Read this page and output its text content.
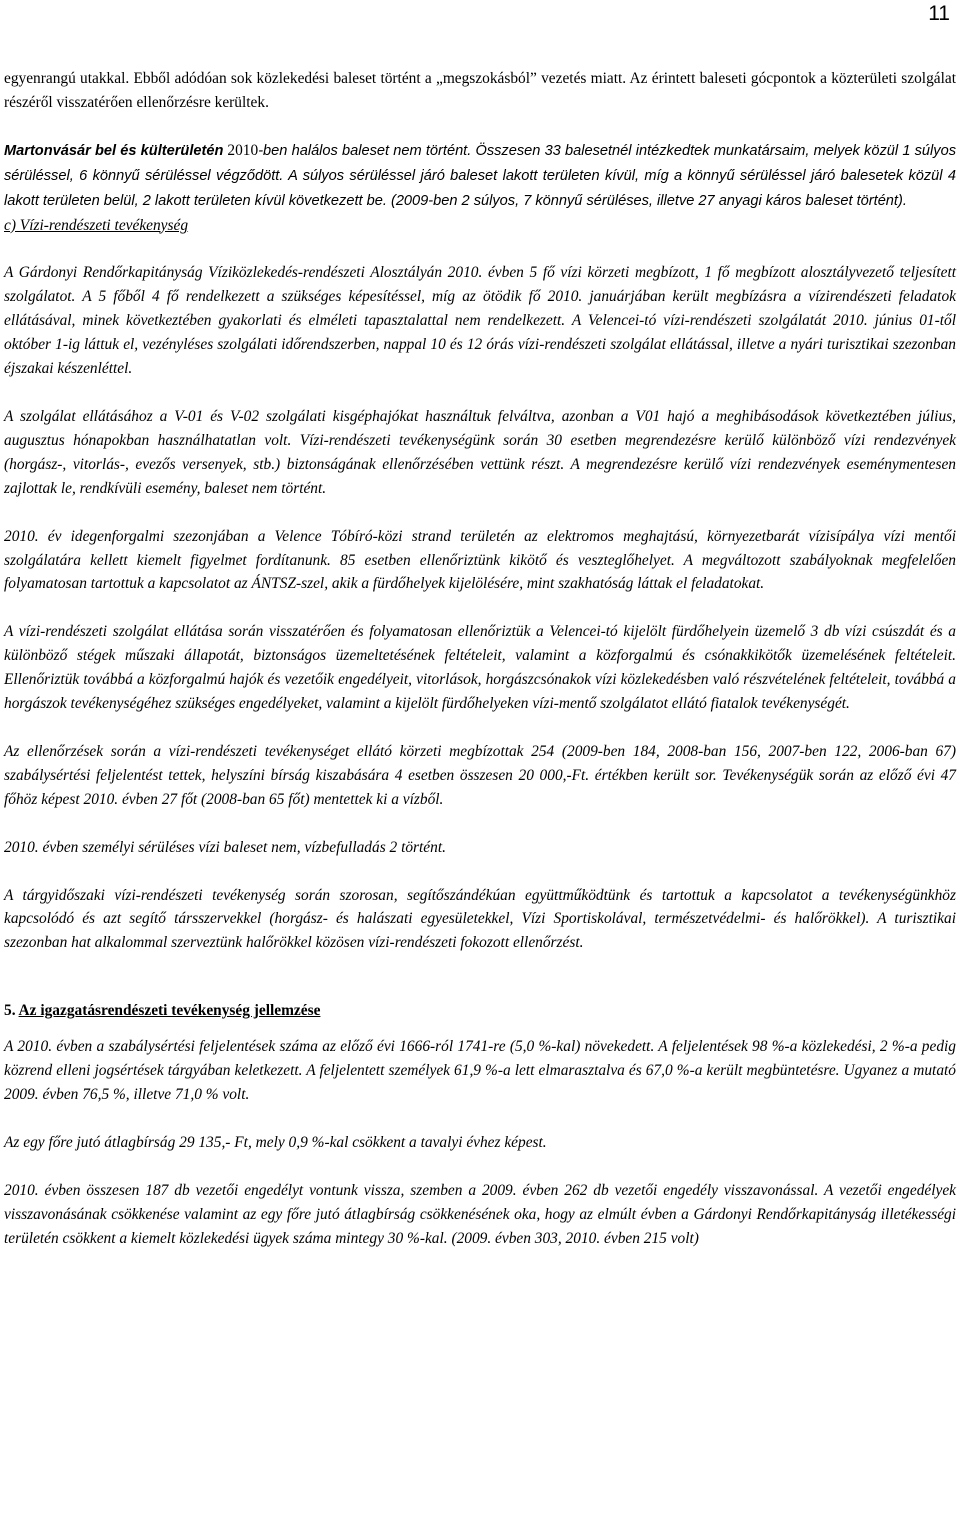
11

egyenrangú utakkal. Ebből adódóan sok közlekedési baleset történt a „megszokásból” vezetés miatt. Az érintett baleseti gócpontok a közterületi szolgálat részéről visszatérően ellenőrzésre kerültek.

Martonvásár bel és külterületén 2010-ben halálos baleset nem történt. Összesen 33 balesetnél intézkedtek munkatársaim, melyek közül 1 súlyos sérüléssel, 6 könnyű sérüléssel végződött. A súlyos sérüléssel járó baleset lakott területen kívül, míg a könnyű sérüléssel járó balesetek közül 4 lakott területen belül, 2 lakott területen kívül következett be. (2009-ben 2 súlyos, 7 könnyű sérüléses, illetve 27 anyagi káros baleset történt).

c) Vízi-rendészeti tevékenység

A Gárdonyi Rendőrkapitányság Víziközlekedés-rendészeti Alosztályán 2010. évben 5 fő vízi körzeti megbízott, 1 fő megbízott alosztályvezető teljesített szolgálatot. A 5 főből 4 fő rendelkezett a szükséges képesítéssel, míg az ötödik fő 2010. januárjában került megbízásra a vízirendészeti feladatok ellátásával, minek következtében gyakorlati és elméleti tapasztalattal nem rendelkezett. A Velencei-tó vízi-rendészeti szolgálatát 2010. június 01-től október 1-ig láttuk el, vezényléses szolgálati időrendszerben, nappal 10 és 12 órás vízi-rendészeti szolgálat ellátással, illetve a nyári turisztikai szezonban éjszakai készenléttel.

A szolgálat ellátásához a V-01 és V-02 szolgálati kisgéphajókat használtuk felváltva, azonban a V01 hajó a meghibásodások következtében július, augusztus hónapokban használhatatlan volt. Vízi-rendészeti tevékenységünk során 30 esetben megrendezésre kerülő különböző vízi rendezvények (horgász-, vitorlás-, evezős versenyek, stb.) biztonságának ellenőrzésében vettünk részt. A megrendezésre kerülő vízi rendezvények eseménymentesen zajlottak le, rendkívüli esemény, baleset nem történt.

2010. év idegenforgalmi szezonjában a Velence Tóbíró-közi strand területén az elektromos meghajtású, környezetbarát vízisípálya vízi mentői szolgálatára kellett kiemelt figyelmet fordítanunk. 85 esetben ellenőriztünk kikötő és veszteglőhelyet. A megváltozott szabályoknak megfelelően folyamatosan tartottuk a kapcsolatot az ÁNTSZ-szel, akik a fürdőhelyek kijelölésére, mint szakhatóság láttak el feladatokat.

A vízi-rendészeti szolgálat ellátása során visszatérően és folyamatosan ellenőriztük a Velencei-tó kijelölt fürdőhelyein üzemelő 3 db vízi csúszdát és a különböző stégek műszaki állapotát, biztonságos üzemeltetésének feltételeit, valamint a közforgalmú és csónakkikötők üzemelésének feltételeit. Ellenőriztük továbbá a közforgalmú hajók és vezetőik engedélyeit, vitorlások, horgászcsónakok vízi közlekedésben való részvételének feltételeit, továbbá a horgászok tevékenységéhez szükséges engedélyeket, valamint a kijelölt fürdőhelyeken vízi-mentő szolgálatot ellátó fiatalok tevékenységét.

Az ellenőrzések során a vízi-rendészeti tevékenységet ellátó körzeti megbízottak 254 (2009-ben 184, 2008-ban 156, 2007-ben 122, 2006-ban 67) szabálysértési feljelentést tettek, helyszíni bírság kiszabására 4 esetben összesen 20 000,-Ft. értékben került sor. Tevékenységük során az előző évi 47 főhöz képest 2010. évben 27 főt (2008-ban 65 főt) mentettek ki a vízből.

2010. évben személyi sérüléses vízi baleset nem, vízbefulladás 2 történt.

A tárgyidőszaki vízi-rendészeti tevékenység során szorosan, segítőszándékúan együttműködtünk és tartottuk a kapcsolatot a tevékenységünkhöz kapcsolódó és azt segítő társszervekkel (horgász- és halászati egyesületekkel, Vízi Sportiskolával, természetvédelmi- és halőrökkel). A turisztikai szezonban hat alkalommal szerveztünk halőrökkel közösen vízi-rendészeti fokozott ellenőrzést.

5. Az igazgatásrendészeti tevékenység jellemzése

A 2010. évben a szabálysértési feljelentések száma az előző évi 1666-ról 1741-re (5,0 %-kal) növekedett. A feljelentések 98 %-a közlekedési, 2 %-a pedig közrend elleni jogsértések tárgyában keletkezett. A feljelentett személyek 61,9 %-a lett elmarasztalva és 67,0 %-a került megbüntetésre. Ugyanez a mutató 2009. évben 76,5 %, illetve 71,0 % volt.

Az egy főre jutó átlagbírság 29 135,- Ft, mely 0,9 %-kal csökkent a tavalyi évhez képest.

2010. évben összesen 187 db vezetői engedélyt vontunk vissza, szemben a 2009. évben 262 db vezetői engedély visszavonással. A vezetői engedélyek visszavonásának csökkenése valamint az egy főre jutó átlagbírság csökkenésének oka, hogy az elmúlt évben a Gárdonyi Rendőrkapitányság illetékességi területén csökkent a kiemelt közlekedési ügyek száma mintegy 30 %-kal. (2009. évben 303, 2010. évben 215 volt)
